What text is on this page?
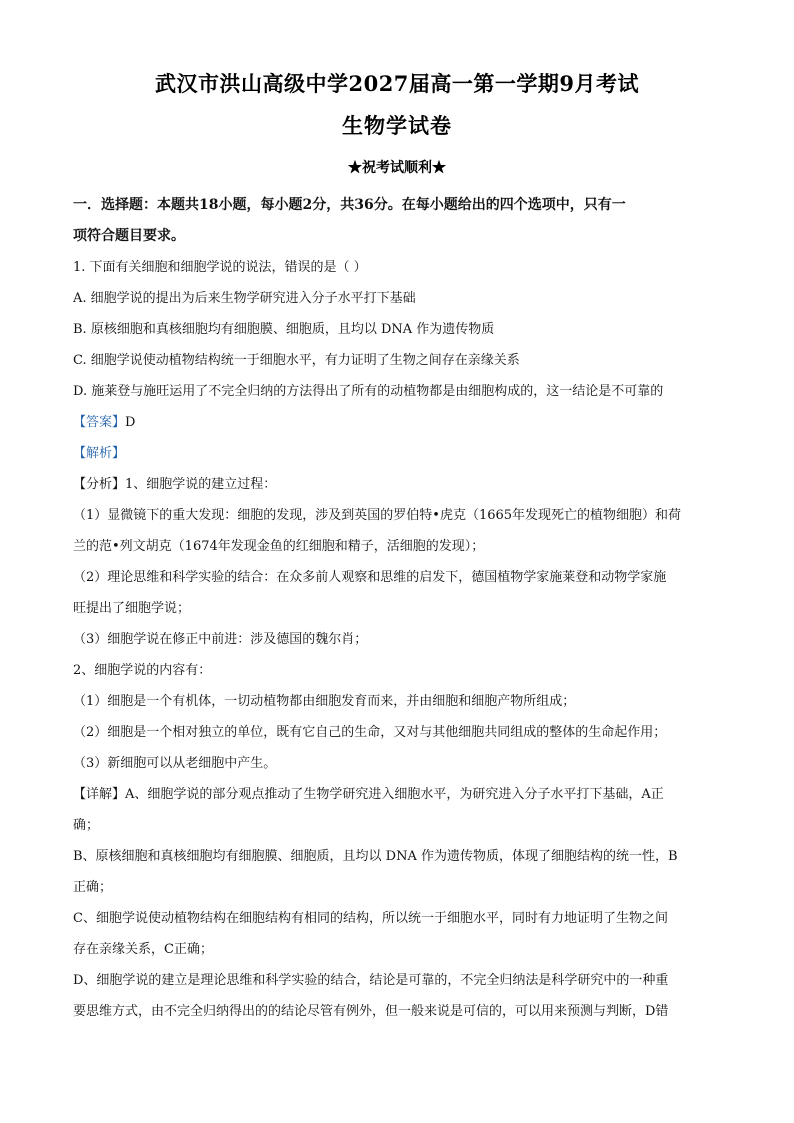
武汉市洪山高级中学2027届高一第一学期9月考试
生物学试卷
★祝考试顺利★
一．选择题：本题共18小题，每小题2分，共36分。在每小题给出的四个选项中，只有一
项符合题目要求。
1. 下面有关细胞和细胞学说的说法，错误的是（ ）
A. 细胞学说的提出为后来生物学研究进入分子水平打下基础
B. 原核细胞和真核细胞均有细胞膜、细胞质，且均以 DNA 作为遗传物质
C. 细胞学说使动植物结构统一于细胞水平，有力证明了生物之间存在亲缘关系
D. 施莱登与施旺运用了不完全归纳的方法得出了所有的动植物都是由细胞构成的，这一结论是不可靠的
【答案】D
【解析】
【分析】1、细胞学说的建立过程：
（1）显微镜下的重大发现：细胞的发现，涉及到英国的罗伯特•虎克（1665年发现死亡的植物细胞）和荷
兰的范•列文胡克（1674年发现金鱼的红细胞和精子，活细胞的发现）；
（2）理论思维和科学实验的结合：在众多前人观察和思维的启发下，德国植物学家施莱登和动物学家施
旺提出了细胞学说；
（3）细胞学说在修正中前进：涉及德国的魏尔肖；
2、细胞学说的内容有：
（1）细胞是一个有机体，一切动植物都由细胞发育而来，并由细胞和细胞产物所组成；
（2）细胞是一个相对独立的单位，既有它自己的生命，又对与其他细胞共同组成的整体的生命起作用；
（3）新细胞可以从老细胞中产生。
【详解】A、细胞学说的部分观点推动了生物学研究进入细胞水平，为研究进入分子水平打下基础，A正
确；
B、原核细胞和真核细胞均有细胞膜、细胞质，且均以 DNA 作为遗传物质，体现了细胞结构的统一性，B
正确；
C、细胞学说使动植物结构在细胞结构有相同的结构，所以统一于细胞水平，同时有力地证明了生物之间
存在亲缘关系，C正确；
D、细胞学说的建立是理论思维和科学实验的结合，结论是可靠的，不完全归纳法是科学研究中的一种重
要思维方式，由不完全归纳得出的的结论尽管有例外，但一般来说是可信的，可以用来预测与判断，D错
